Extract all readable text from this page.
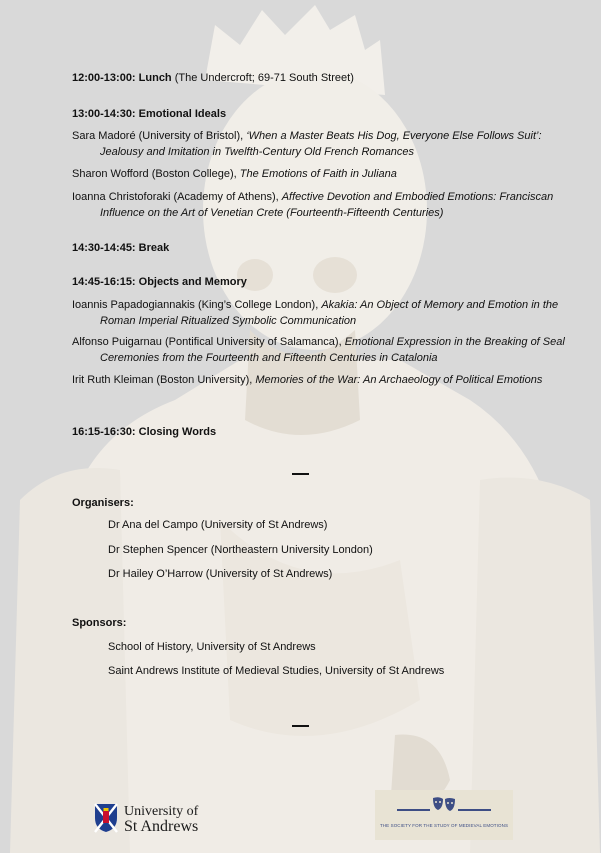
12:00-13:00: Lunch (The Undercroft; 69-71 South Street)
13:00-14:30: Emotional Ideals
Sara Madoré (University of Bristol), ‘When a Master Beats His Dog, Everyone Else Follows Suit’: Jealousy and Imitation in Twelfth-Century Old French Romances
Sharon Wofford (Boston College), The Emotions of Faith in Juliana
Ioanna Christoforaki (Academy of Athens), Affective Devotion and Embodied Emotions: Franciscan Influence on the Art of Venetian Crete (Fourteenth-Fifteenth Centuries)
14:30-14:45: Break
14:45-16:15: Objects and Memory
Ioannis Papadogiannakis (King’s College London), Akakia: An Object of Memory and Emotion in the Roman Imperial Ritualized Symbolic Communication
Alfonso Puigarnau (Pontifical University of Salamanca), Emotional Expression in the Breaking of Seal Ceremonies from the Fourteenth and Fifteenth Centuries in Catalonia
Irit Ruth Kleiman (Boston University), Memories of the War: An Archaeology of Political Emotions
16:15-16:30: Closing Words
Organisers:
Dr Ana del Campo (University of St Andrews)
Dr Stephen Spencer (Northeastern University London)
Dr Hailey O’Harrow (University of St Andrews)
Sponsors:
School of History, University of St Andrews
Saint Andrews Institute of Medieval Studies, University of St Andrews
University of
St Andrews	THE SOCIETY FOR THE STUDY OF MEDIEVAL EMOTIONS
